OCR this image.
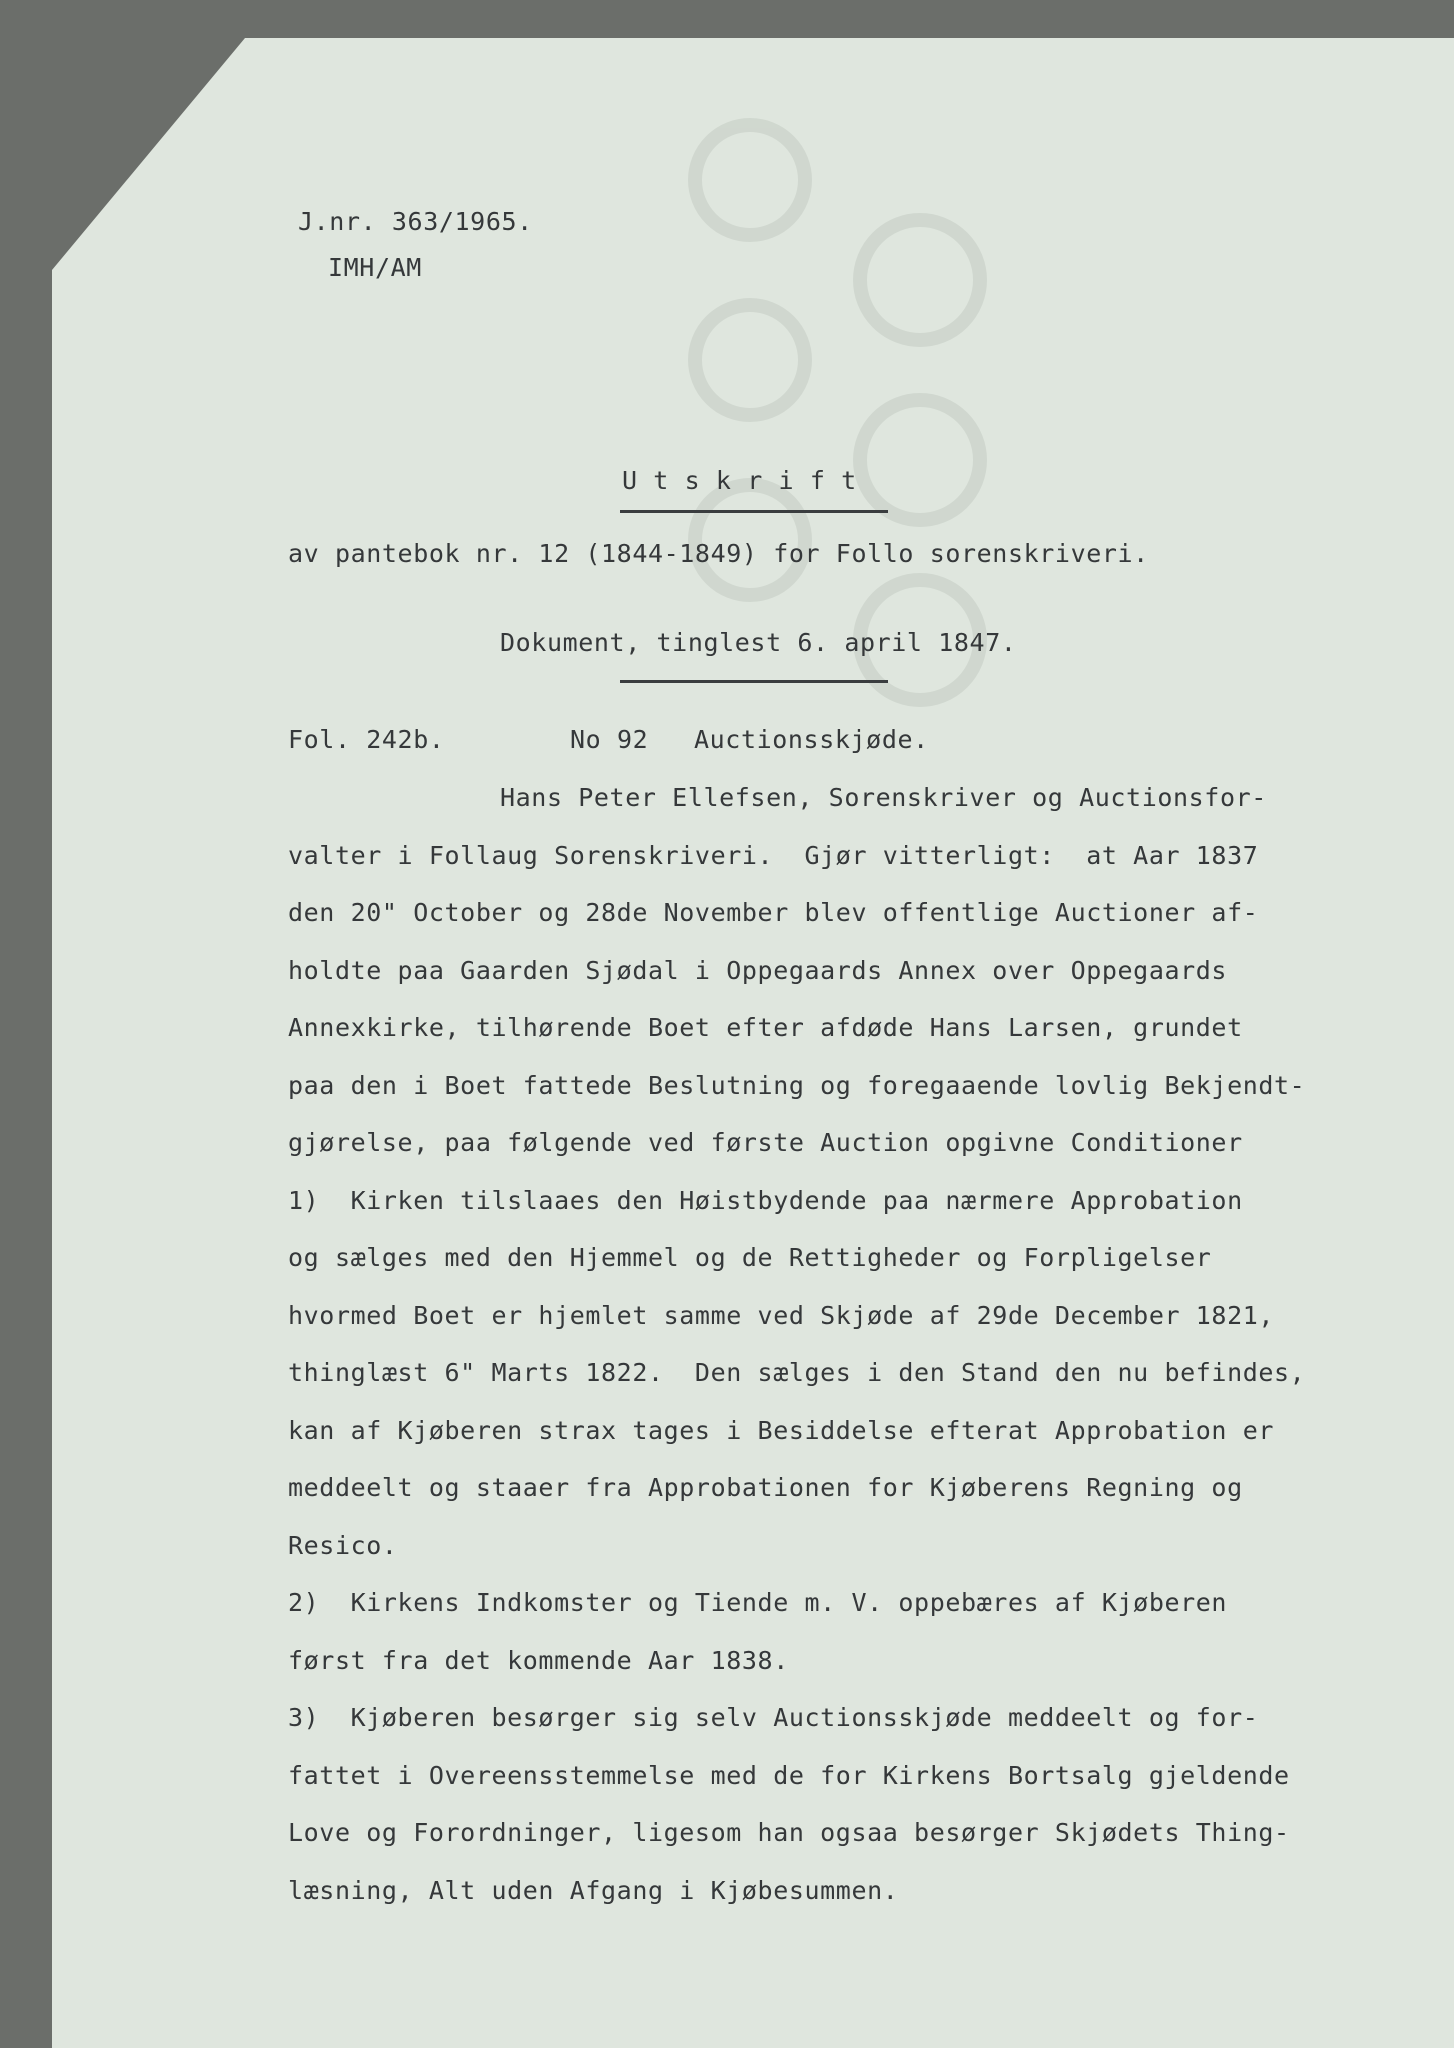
J.nr. 363/1965.
IMH/AM
U t s k r i f t
av pantebok nr. 12 (1844-1849) for Follo sorenskriveri.
Dokument, tinglest 6. april 1847.
Fol. 242b.	No 92 Auctionsskjøde.
Hans Peter Ellefsen, Sorenskriver og Auctionsfor-
valter i Follaug Sorenskriveri.  Gjør vitterligt:  at Aar 1837
den 20" October og 28de November blev offentlige Auctioner af-
holdte paa Gaarden Sjødal i Oppegaards Annex over Oppegaards
Annexkirke, tilhørende Boet efter afdøde Hans Larsen, grundet
paa den i Boet fattede Beslutning og foregaaende lovlig Bekjendt-
gjørelse, paa følgende ved første Auction opgivne Conditioner
1)  Kirken tilslaaes den Høistbydende paa nærmere Approbation
og sælges med den Hjemmel og de Rettigheder og Forpligelser
hvormed Boet er hjemlet samme ved Skjøde af 29de December 1821,
thinglæst 6" Marts 1822.  Den sælges i den Stand den nu befindes,
kan af Kjøberen strax tages i Besiddelse efterat Approbation er
meddeelt og staaer fra Approbationen for Kjøberens Regning og
Resico.
2)  Kirkens Indkomster og Tiende m. V. oppebæres af Kjøberen
først fra det kommende Aar 1838.
3)  Kjøberen besørger sig selv Auctionsskjøde meddeelt og for-
fattet i Overeensstemmelse med de for Kirkens Bortsalg gjeldende
Love og Forordninger, ligesom han ogsaa besørger Skjødets Thing-
læsning, Alt uden Afgang i Kjøbesummen.
